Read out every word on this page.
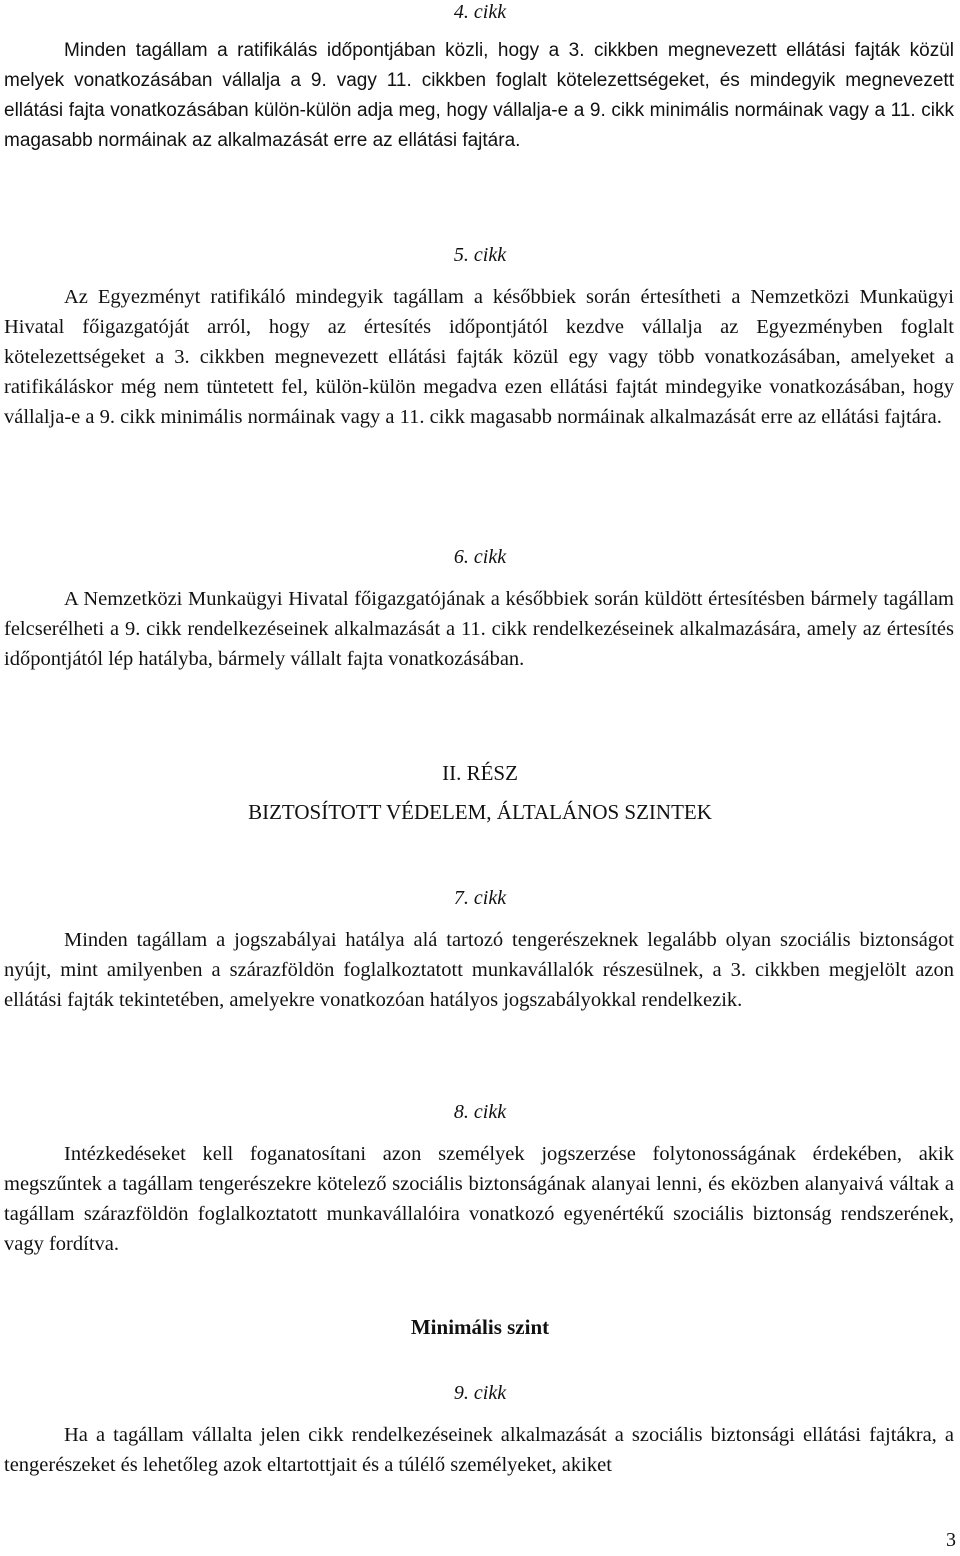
4. cikk

Minden tagállam a ratifikálás időpontjában közli, hogy a 3. cikkben megnevezett ellátási fajták közül melyek vonatkozásában vállalja a 9. vagy 11. cikkben foglalt kötelezettségeket, és mindegyik megnevezett ellátási fajta vonatkozásában külön-külön adja meg, hogy vállalja-e a 9. cikk minimális normáinak vagy a 11. cikk magasabb normáinak az alkalmazását erre az ellátási fajtára.

5. cikk

Az Egyezményt ratifikáló mindegyik tagállam a későbbiek során értesítheti a Nemzetközi Munkaügyi Hivatal főigazgatóját arról, hogy az értesítés időpontjától kezdve vállalja az Egyezményben foglalt kötelezettségeket a 3. cikkben megnevezett ellátási fajták közül egy vagy több vonatkozásában, amelyeket a ratifikáláskor még nem tüntetett fel, külön-külön megadva ezen ellátási fajtát mindegyike vonatkozásában, hogy vállalja-e a 9. cikk minimális normáinak vagy a 11. cikk magasabb normáinak alkalmazását erre az ellátási fajtára.

6. cikk

A Nemzetközi Munkaügyi Hivatal főigazgatójának a későbbiek során küldött értesítésben bármely tagállam felcserélheti a 9. cikk rendelkezéseinek alkalmazását a 11. cikk rendelkezéseinek alkalmazására, amely az értesítés időpontjától lép hatályba, bármely vállalt fajta vonatkozásában.

II. RÉSZ
BIZTOSÍTOTT VÉDELEM, ÁLTALÁNOS SZINTEK
7. cikk

Minden tagállam a jogszabályai hatálya alá tartozó tengerészeknek legalább olyan szociális biztonságot nyújt, mint amilyenben a szárazföldön foglalkoztatott munkavállalók részesülnek, a 3. cikkben megjelölt azon ellátási fajták tekintetében, amelyekre vonatkozóan hatályos jogszabályokkal rendelkezik.

8. cikk

Intézkedéseket kell foganatosítani azon személyek jogszerzése folytonosságának érdekében, akik megszűntek a tagállam tengerészekre kötelező szociális biztonságának alanyai lenni, és eközben alanyaivá váltak a tagállam szárazföldön foglalkoztatott munkavállalóira vonatkozó egyenértékű szociális biztonság rendszerének, vagy fordítva.

Minimális szint
9. cikk

Ha a tagállam vállalta jelen cikk rendelkezéseinek alkalmazását a szociális biztonsági ellátási fajtákra, a tengerészeket és lehetőleg azok eltartottjait és a túlélő személyeket, akiket

3
